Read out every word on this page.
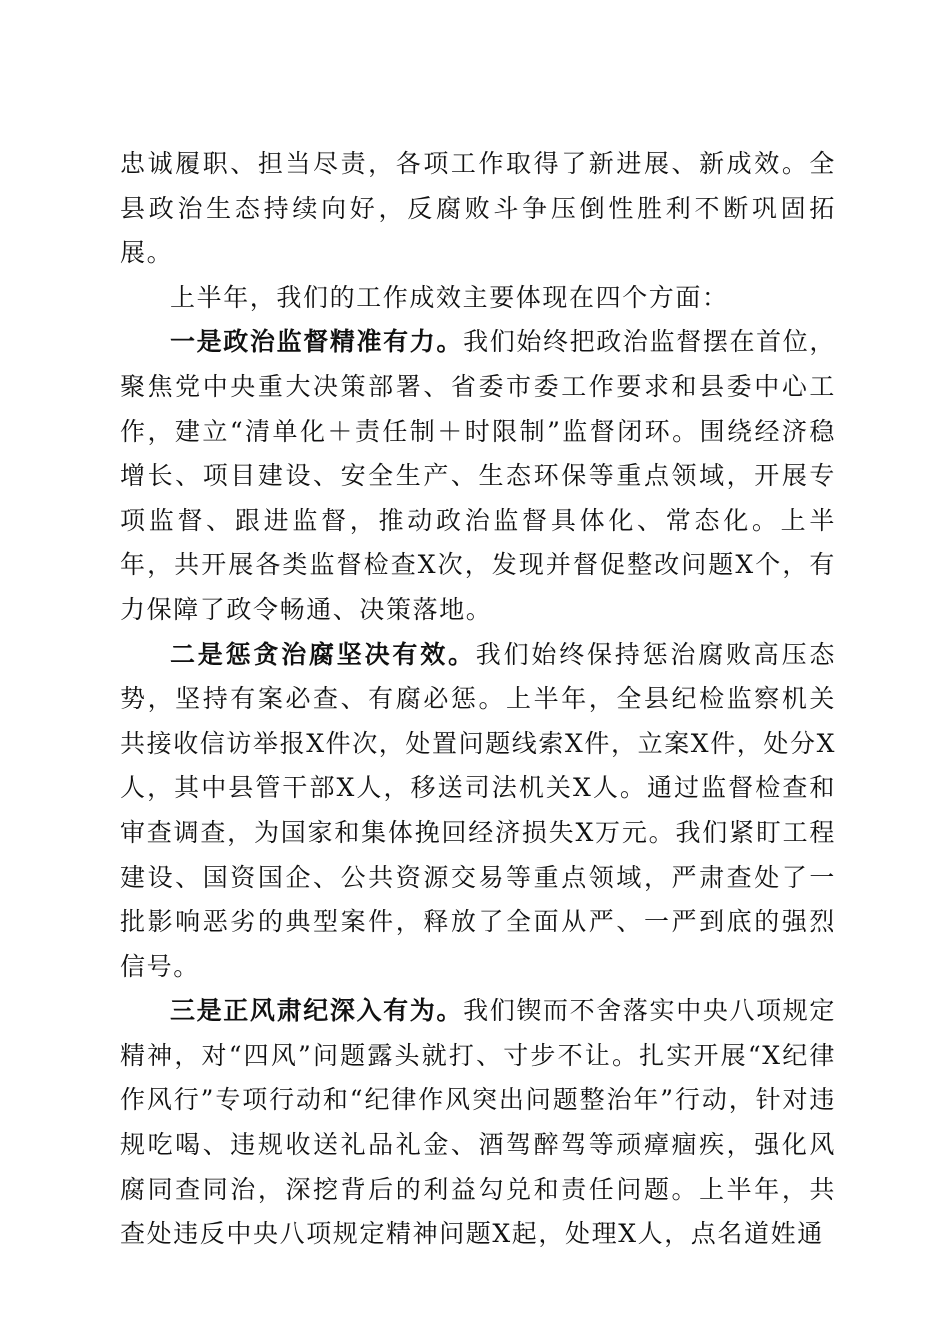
忠诚履职、担当尽责，各项工作取得了新进展、新成效。全县政治生态持续向好，反腐败斗争压倒性胜利不断巩固拓展。

上半年，我们的工作成效主要体现在四个方面：

一是政治监督精准有力。我们始终把政治监督摆在首位，聚焦党中央重大决策部署、省委市委工作要求和县委中心工作，建立“清单化＋责任制＋时限制”监督闭环。围绕经济稳增长、项目建设、安全生产、生态环保等重点领域，开展专项监督、跟进监督，推动政治监督具体化、常态化。上半年，共开展各类监督检查X次，发现并督促整改问题X个，有力保障了政令畅通、决策落地。

二是惩贪治腐坚决有效。我们始终保持惩治腐败高压态势，坚持有案必查、有腐必惩。上半年，全县纪检监察机关共接收信访举报X件次，处置问题线索X件，立案X件，处分X人，其中县管干部X人，移送司法机关X人。通过监督检查和审查调查，为国家和集体挽回经济损失X万元。我们紧盯工程建设、国资国企、公共资源交易等重点领域，严肃查处了一批影响恶劣的典型案件，释放了全面从严、一严到底的强烈信号。

三是正风肃纪深入有为。我们锲而不舍落实中央八项规定精神，对“四风”问题露头就打、寸步不让。扎实开展“X纪律作风行”专项行动和“纪律作风突出问题整治年”行动，针对违规吃喝、违规收送礼品礼金、酒驾醉驾等顽瘴痼疾，强化风腐同查同治，深挖背后的利益勾兑和责任问题。上半年，共查处违反中央八项规定精神问题X起，处理X人，点名道姓通
